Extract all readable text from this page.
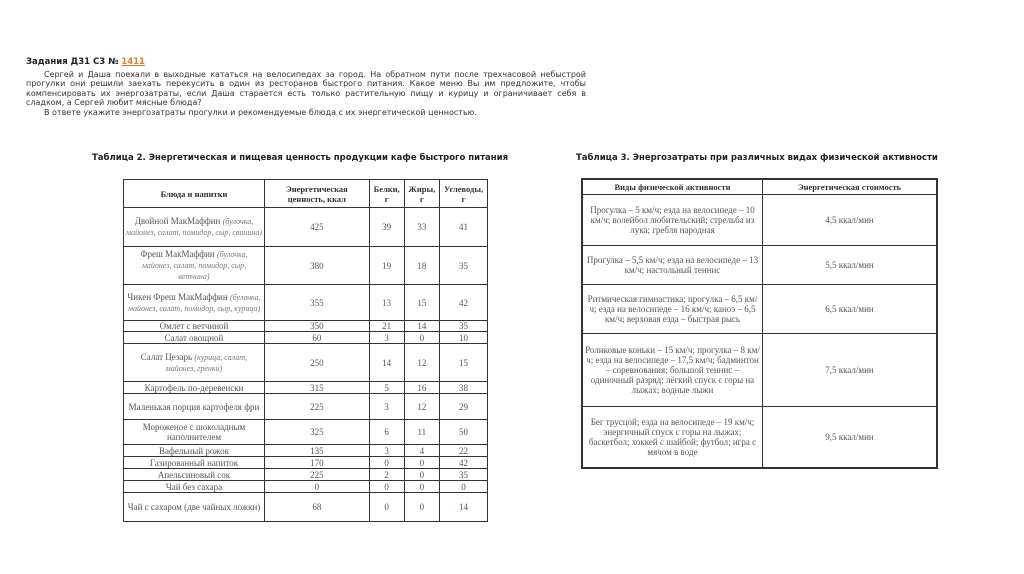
Задания Д31 С3 № 1411

Сергей и Даша поехали в выходные кататься на велосипедах за город. На обратном пути после трехчасовой небыстрой прогулки они решили заехать перекусить в один из ресторанов быстрого питания. Какое меню Вы им предложите, чтобы компенсировать их энергозатраты, если Даша старается есть только растительную пищу и курицу и ограничивает себя в сладком, а Сергей любит мясные блюда?

В ответе укажите энергозатраты прогулки и рекомендуемые блюда с их энергетической ценностью.

Таблица 2. Энергетическая и пищевая ценность продукции кафе быстрого питания
Блюда и напитки	Энергетическая ценность, ккал	Белки, г	Жиры, г	Углеводы, г
Двойной МакМаффин (булочка, майонез, салат, помидор, сыр, свинина)	425	39	33	41
Фреш МакМаффин (булочка, майонез, салат, помидор, сыр, ветчина)	380	19	18	35
Чикен Фреш МакМаффин (булочка, майонез, салат, помидор, сыр, курица)	355	13	15	42
Омлет с ветчиной	350	21	14	35
Салат овощной	60	3	0	10
Салат Цезарь (курица, салат, майонез, гренки)	250	14	12	15
Картофель по-деревенски	315	5	16	38
Маленькая порция картофеля фри	225	3	12	29
Мороженое с шоколадным наполнителем	325	6	11	50
Вафельный рожок	135	3	4	22
Газированный напиток	170	0	0	42
Апельсиновый сок	225	2	0	35
Чай без сахара	0	0	0	0
Чай с сахаром (две чайных ложки)	68	0	0	14
·····
Таблица 3. Энергозатраты при различных видах физической активности
Виды физической активности	Энергетическая стоимость
Прогулка – 5 км/ч; езда на велосипеде – 10 км/ч; волейбол любительский; стрельба из лука; гребля народная	4,5 ккал/мин
Прогулка – 5,5 км/ч; езда на велосипеде – 13 км/ч; настольный теннис	5,5 ккал/мин
Ритмическая гимнастика; прогулка – 6,5 км/ч; езда на велосипеде – 16 км/ч; каноэ – 6,5 км/ч; верховая езда – быстрая рысь	6,5 ккал/мин
Роликовые коньки – 15 км/ч; прогулка – 8 км/ч; езда на велосипеде – 17,5 км/ч; бадминтон – соревнования; большой теннис – одиночный разряд; лёгкий спуск с горы на лыжах; водные лыжи	7,5 ккал/мин
Бег трусцой; езда на велосипеде – 19 км/ч; энергичный спуск с горы на лыжах; баскетбол; хоккей с шайбой; футбол; игра с мячом в воде	9,5 ккал/мин
